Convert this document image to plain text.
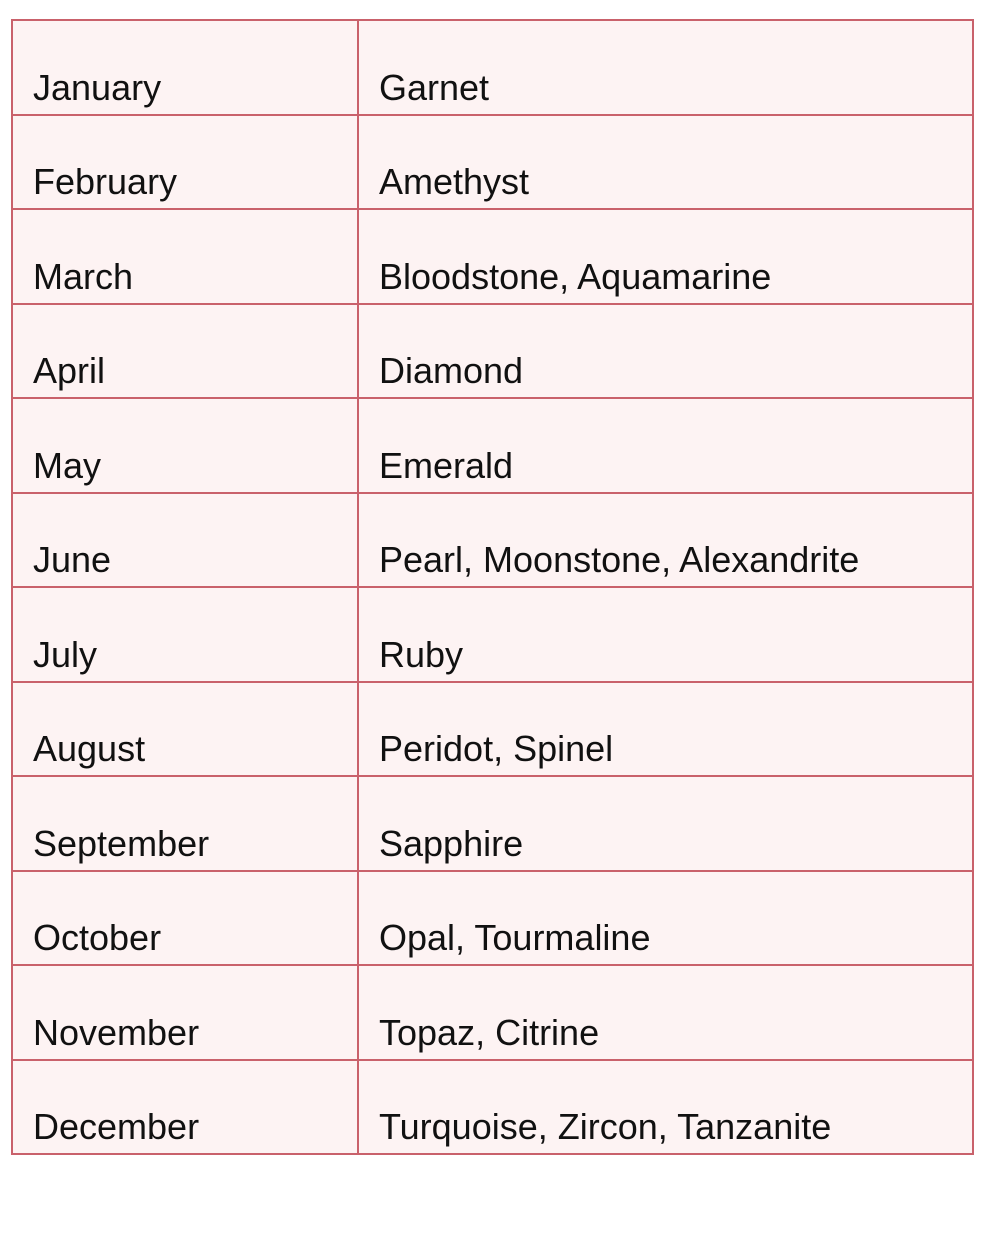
January	Garnet
February	Amethyst
March	Bloodstone, Aquamarine
April	Diamond
May	Emerald
June	Pearl, Moonstone, Alexandrite
July	Ruby
August	Peridot, Spinel
September	Sapphire
October	Opal, Tourmaline
November	Topaz, Citrine
December	Turquoise, Zircon, Tanzanite
